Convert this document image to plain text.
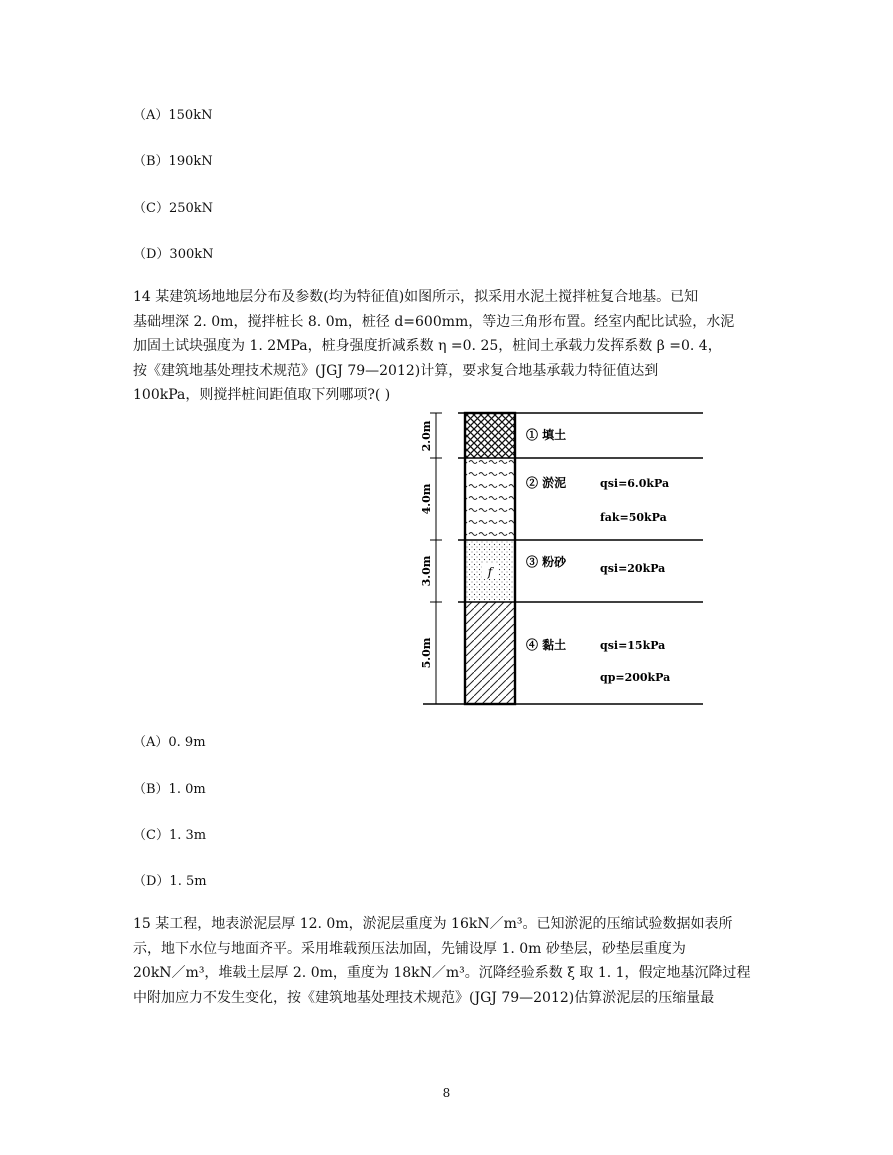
（A）150kN
（B）190kN
（C）250kN
（D）300kN
14 某建筑场地地层分布及参数(均为特征值)如图所示，拟采用水泥土搅拌桩复合地基。已知
基础埋深 2. 0m，搅拌桩长 8. 0m，桩径 d=600mm，等边三角形布置。经室内配比试验，水泥
加固土试块强度为 1. 2MPa，桩身强度折减系数 η =0. 25，桩间土承载力发挥系数 β =0. 4，
按《建筑地基处理技术规范》(JGJ 79—2012)计算，要求复合地基承载力特征值达到
100kPa，则搅拌桩间距值取下列哪项?( )
2.0m
4.0m
3.0m
5.0m
f
① 填土
② 淤泥
③ 粉砂
④ 黏土
qsi=6.0kPa
fak=50kPa
qsi=20kPa
qsi=15kPa
qp=200kPa
（A）0. 9m
（B）1. 0m
（C）1. 3m
（D）1. 5m
15 某工程，地表淤泥层厚 12. 0m，淤泥层重度为 16kN／m³。已知淤泥的压缩试验数据如表所
示，地下水位与地面齐平。采用堆载预压法加固，先铺设厚 1. 0m 砂垫层，砂垫层重度为
20kN／m³，堆载土层厚 2. 0m，重度为 18kN／m³。沉降经验系数 ξ 取 1. 1，假定地基沉降过程
中附加应力不发生变化，按《建筑地基处理技术规范》(JGJ 79—2012)估算淤泥层的压缩量最
8
